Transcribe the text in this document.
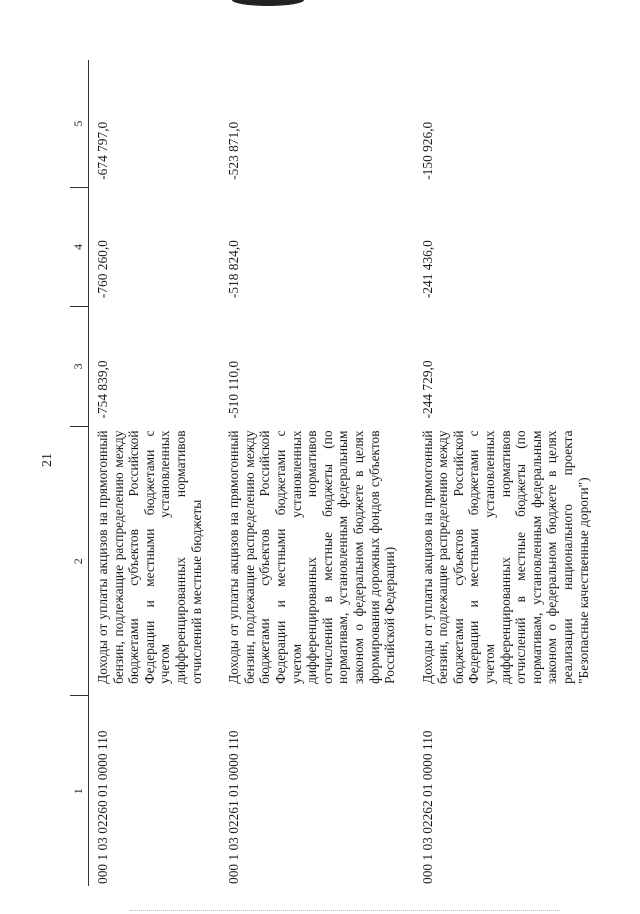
21
1	2	3	4	5
000 1 03 02260 01 0000 110	Доходы от уплаты акцизов на прямогонный бензин, подлежащие распределению между бюджетами субъектов Российской Федерации и местными бюджетами с учетом установленных дифференцированных нормативов отчислений в местные бюджеты	-754 839,0	-760 260,0	-674 797,0
000 1 03 02261 01 0000 110	Доходы от уплаты акцизов на прямогонный бензин, подлежащие распределению между бюджетами субъектов Российской Федерации и местными бюджетами с учетом установленных дифференцированных нормативов отчислений в местные бюджеты (по нормативам, установленным федеральным законом о федеральном бюджете в целях формирования дорожных фондов субъектов Российской Федерации)	-510 110,0	-518 824,0	-523 871,0
000 1 03 02262 01 0000 110	Доходы от уплаты акцизов на прямогонный бензин, подлежащие распределению между бюджетами субъектов Российской Федерации и местными бюджетами с учетом установленных дифференцированных нормативов отчислений в местные бюджеты (по нормативам, установленным федеральным законом о федеральном бюджете в целях реализации национального проекта "Безопасные качественные дороги")	-244 729,0	-241 436,0	-150 926,0
